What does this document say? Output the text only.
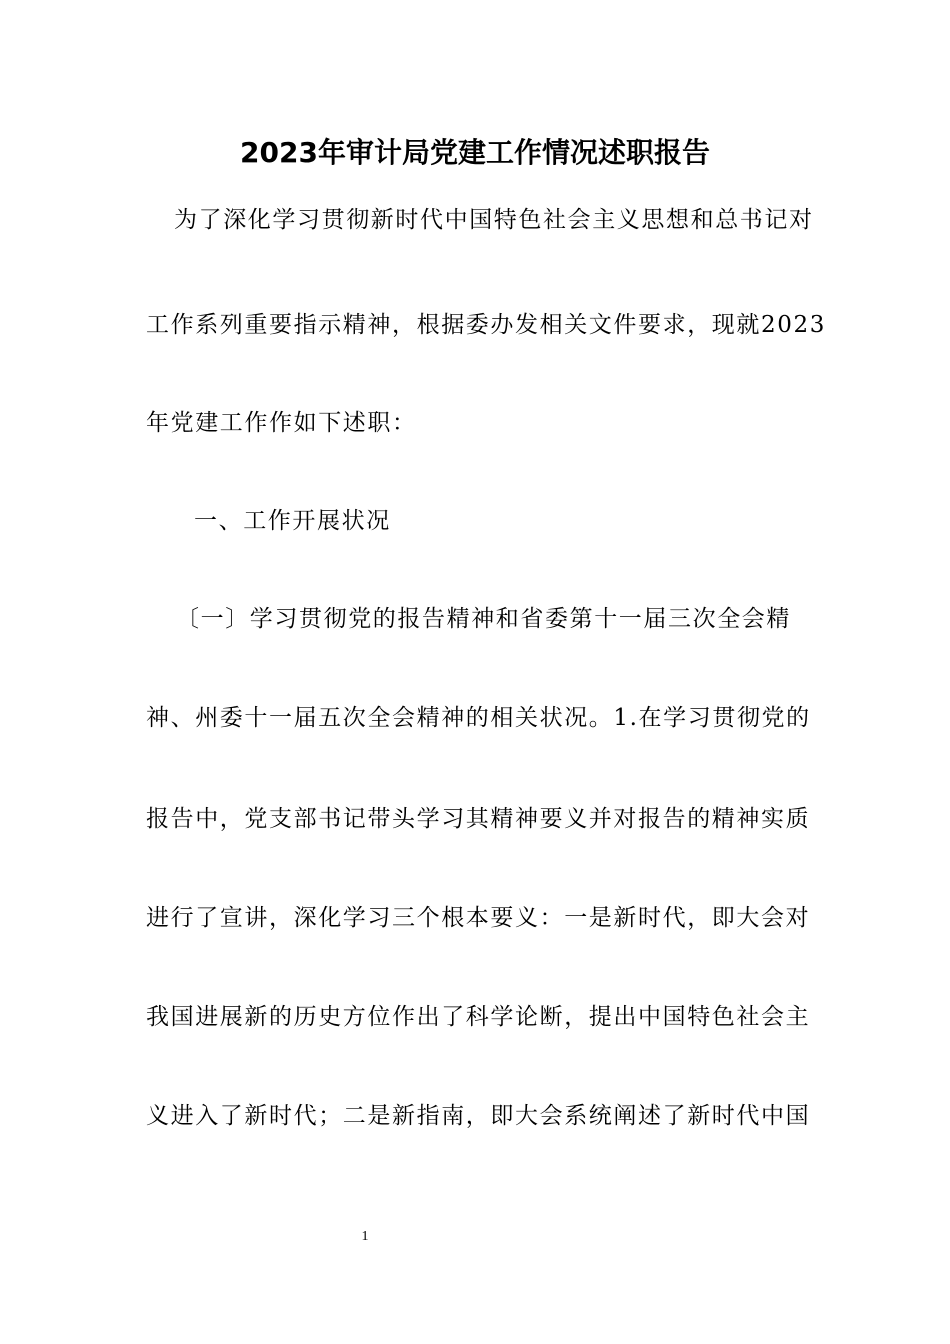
2023年审计局党建工作情况述职报告
为了深化学习贯彻新时代中国特色社会主义思想和总书记对
工作系列重要指示精神，根据委办发相关文件要求，现就2023
年党建工作作如下述职：
一、工作开展状况
〔一〕学习贯彻党的报告精神和省委第十一届三次全会精
神、州委十一届五次全会精神的相关状况。1.在学习贯彻党的
报告中，党支部书记带头学习其精神要义并对报告的精神实质
进行了宣讲，深化学习三个根本要义：一是新时代，即大会对
我国进展新的历史方位作出了科学论断，提出中国特色社会主
义进入了新时代；二是新指南，即大会系统阐述了新时代中国
1
